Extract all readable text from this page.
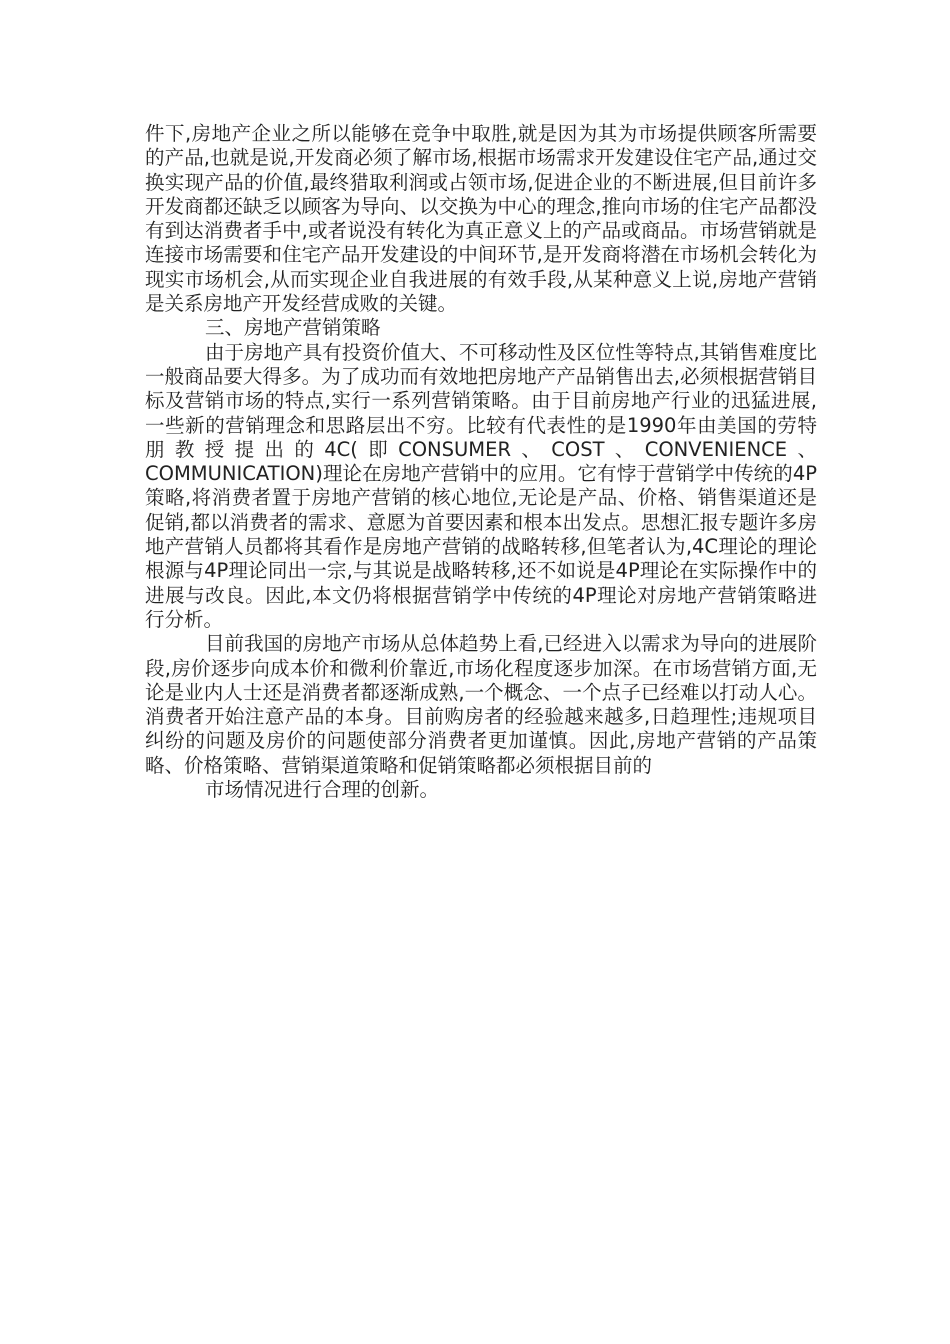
件下,房地产企业之所以能够在竞争中取胜,就是因为其为市场提供顾客所需要的产品,也就是说,开发商必须了解市场,根据市场需求开发建设住宅产品,通过交换实现产品的价值,最终猎取利润或占领市场,促进企业的不断进展,但目前许多开发商都还缺乏以顾客为导向、以交换为中心的理念,推向市场的住宅产品都没有到达消费者手中,或者说没有转化为真正意义上的产品或商品。市场营销就是连接市场需要和住宅产品开发建设的中间环节,是开发商将潜在市场机会转化为现实市场机会,从而实现企业自我进展的有效手段,从某种意义上说,房地产营销是关系房地产开发经营成败的关键。

三、房地产营销策略

由于房地产具有投资价值大、不可移动性及区位性等特点,其销售难度比一般商品要大得多。为了成功而有效地把房地产产品销售出去,必须根据营销目标及营销市场的特点,实行一系列营销策略。由于目前房地产行业的迅猛进展,一些新的营销理念和思路层出不穷。比较有代表性的是1990年由美国的劳特朋教授提出的4C(即CONSUMER、COST、CONVENIENCE、COMMUNICATION)理论在房地产营销中的应用。它有悖于营销学中传统的4P策略,将消费者置于房地产营销的核心地位,无论是产品、价格、销售渠道还是促销,都以消费者的需求、意愿为首要因素和根本出发点。思想汇报专题许多房地产营销人员都将其看作是房地产营销的战略转移,但笔者认为,4C理论的理论根源与4P理论同出一宗,与其说是战略转移,还不如说是4P理论在实际操作中的进展与改良。因此,本文仍将根据营销学中传统的4P理论对房地产营销策略进行分析。

目前我国的房地产市场从总体趋势上看,已经进入以需求为导向的进展阶段,房价逐步向成本价和微利价靠近,市场化程度逐步加深。在市场营销方面,无论是业内人士还是消费者都逐渐成熟,一个概念、一个点子已经难以打动人心。消费者开始注意产品的本身。目前购房者的经验越来越多,日趋理性;违规项目纠纷的问题及房价的问题使部分消费者更加谨慎。因此,房地产营销的产品策略、价格策略、营销渠道策略和促销策略都必须根据目前的

市场情况进行合理的创新。
